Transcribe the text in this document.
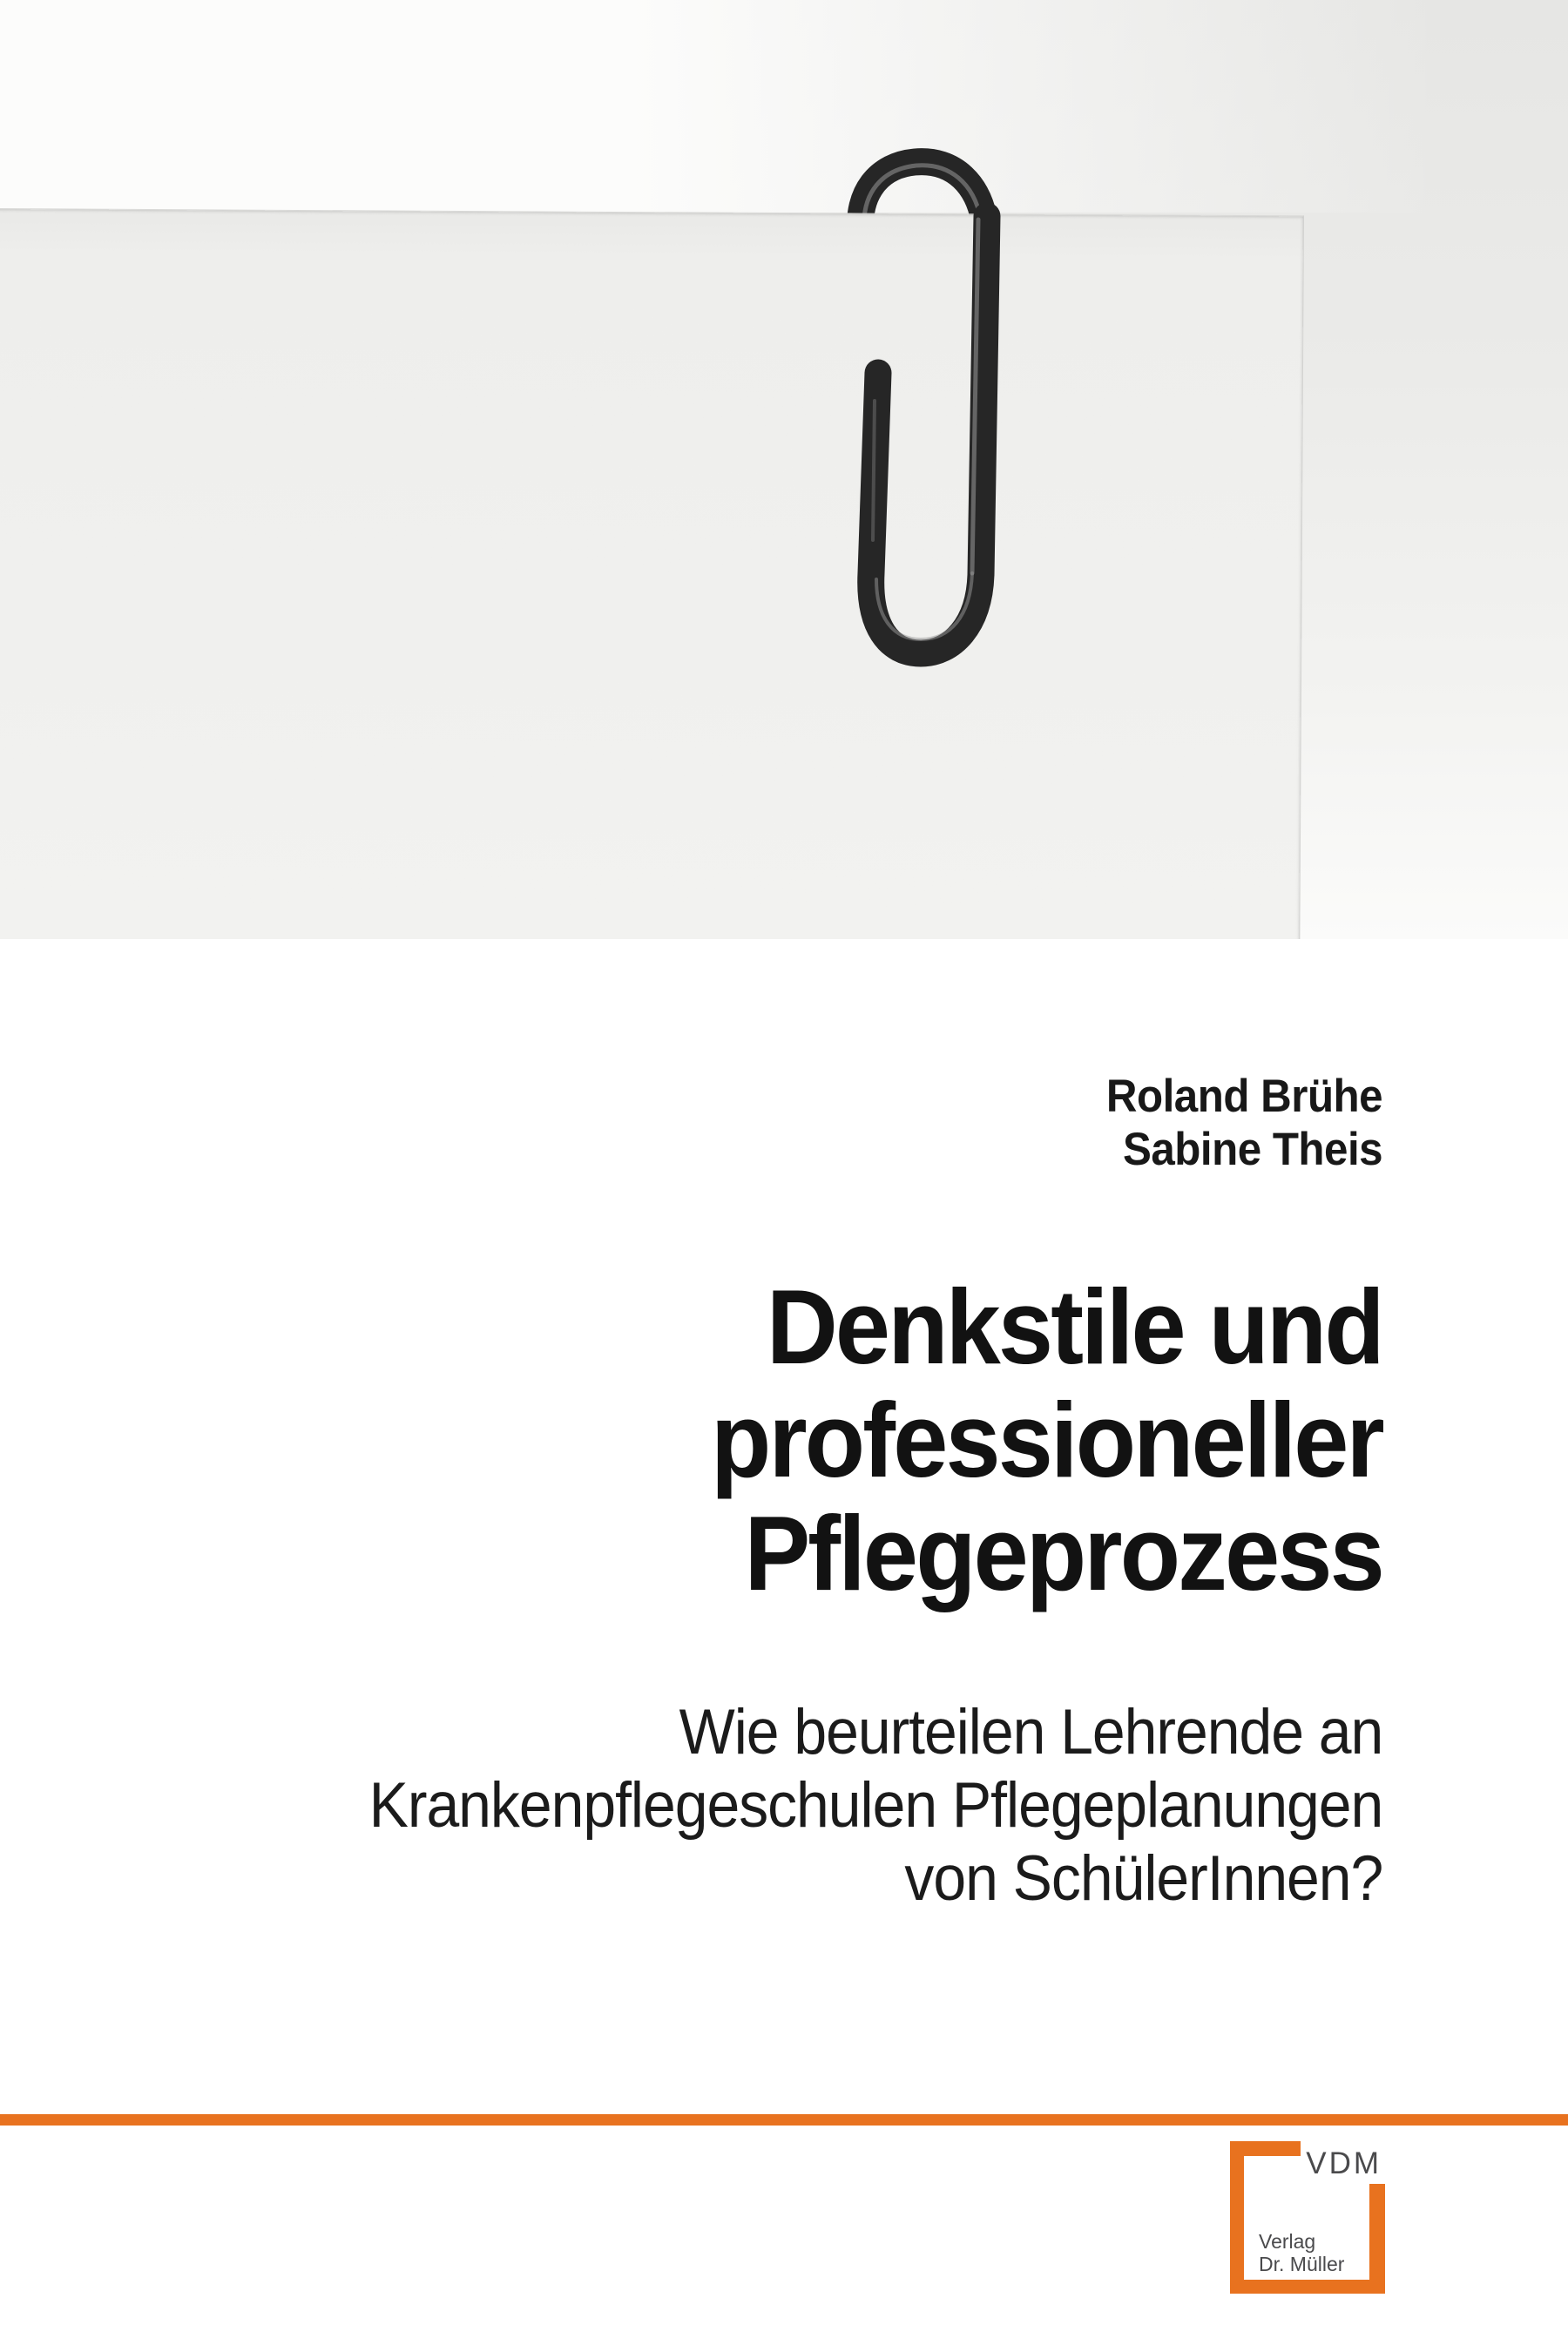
Roland Brühe
Sabine Theis
Denkstile und
professioneller
Pflegeprozess
Wie beurteilen Lehrende an
Krankenpflegeschulen Pflegeplanungen
von SchülerInnen?
VDM
Verlag
Dr. Müller
